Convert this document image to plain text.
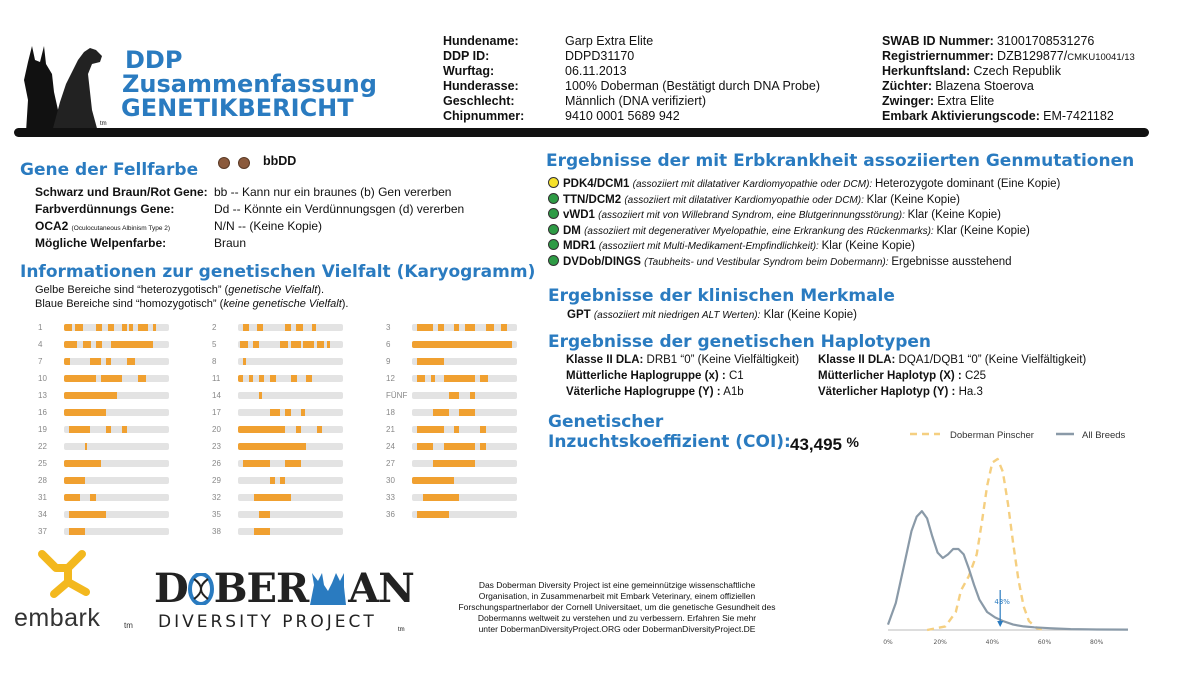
tm
DDP
Zusammenfassung
GENETIKBERICHT
Hundename:	Garp Extra Elite
DDP ID:	DDPD31170
Wurftag:	06.11.2013
Hunderasse:	100% Doberman (Bestätigt durch DNA Probe)
Geschlecht:	Männlich (DNA verifiziert)
Chipnummer:	9410 0001 5689 942
SWAB ID Nummer: 31001708531276
Registriernummer: DZB129877/CMKU10041/13
Herkunftsland: Czech Republik
Züchter: Blazena Stoerova
Zwinger: Extra Elite
Embark Aktivierungscode: EM-7421182
Gene der Fellfarbe
	bbDD
Schwarz und Braun/Rot Gene: bb -- Kann nur ein braunes (b) Gen vererben
Farbverdünnungs Gene:	Dd -- Könnte ein Verdünnungsgen (d) vererben
OCA2 (Oculocutaneous Albinism Type 2)	N/N -- (Keine Kopie)
Mögliche Welpenfarbe:	Braun
Informationen zur genetischen Vielfalt (Karyogramm)
Gelbe Bereiche sind “heterozygotisch” (genetische Vielfalt).
Blaue Bereiche sind “homozygotisch” (keine genetische Vielfalt).
embark	tm
D BER AN
DIVERSITY PROJECT	tm
Das Doberman Diversity Project ist eine gemeinnützige wissenschaftliche
Organisation, in Zusammenarbeit mit Embark Veterinary, einem offiziellen
Forschungspartnerlabor der Cornell Universitaet, um die genetische Gesundheit des
Dobermanns weltweit zu verstehen und zu verbessern. Erfahren Sie mehr
unter DobermanDiversityProject.ORG oder DobermanDiversityProject.DE
Ergebnisse der mit Erbkrankheit assoziierten Genmutationen
Ergebnisse der klinischen Merkmale
GPT (assoziiert mit niedrigen ALT Werten): Klar (Keine Kopie)
Ergebnisse der genetischen Haplotypen
Klasse II DLA: DRB1 “0” (Keine Vielfältigkeit)
Mütterliche Haplogruppe (x) : C1
Väterliche Haplogruppe (Y) : A1b
Klasse II DLA: DQA1/DQB1 “0” (Keine Vielfältigkeit)
Mütterlicher Haplotyp (X) : C25
Väterlicher Haplotyp (Y) : Ha.3
Genetischer
Inzuchtskoeffizient (COI): 43,495 %
0%	20%	40%	60%	80%
43%
Doberman Pinscher	All Breeds
1	2	3
4	5	6
7	8	9
10	11	12
13	14	FÜNF
16	17	18
19	20	21
22	23	24
25	26	27
28	29	30
31	32	33
34	35	36
37	38
PDK4/DCM1 (assoziiert mit dilatativer Kardiomyopathie oder DCM): Heterozygote dominant (Eine Kopie)
TTN/DCM2 (assoziiert mit dilatativer Kardiomyopathie oder DCM): Klar (Keine Kopie)
vWD1 (assoziiert mit von Willebrand Syndrom, eine Blutgerinnungsstörung): Klar (Keine Kopie)
DM (assoziiert mit degenerativer Myelopathie, eine Erkrankung des Rückenmarks): Klar (Keine Kopie)
MDR1 (assoziiert mit Multi-Medikament-Empfindlichkeit): Klar (Keine Kopie)
DVDob/DINGS (Taubheits- und Vestibular Syndrom beim Dobermann): Ergebnisse ausstehend
